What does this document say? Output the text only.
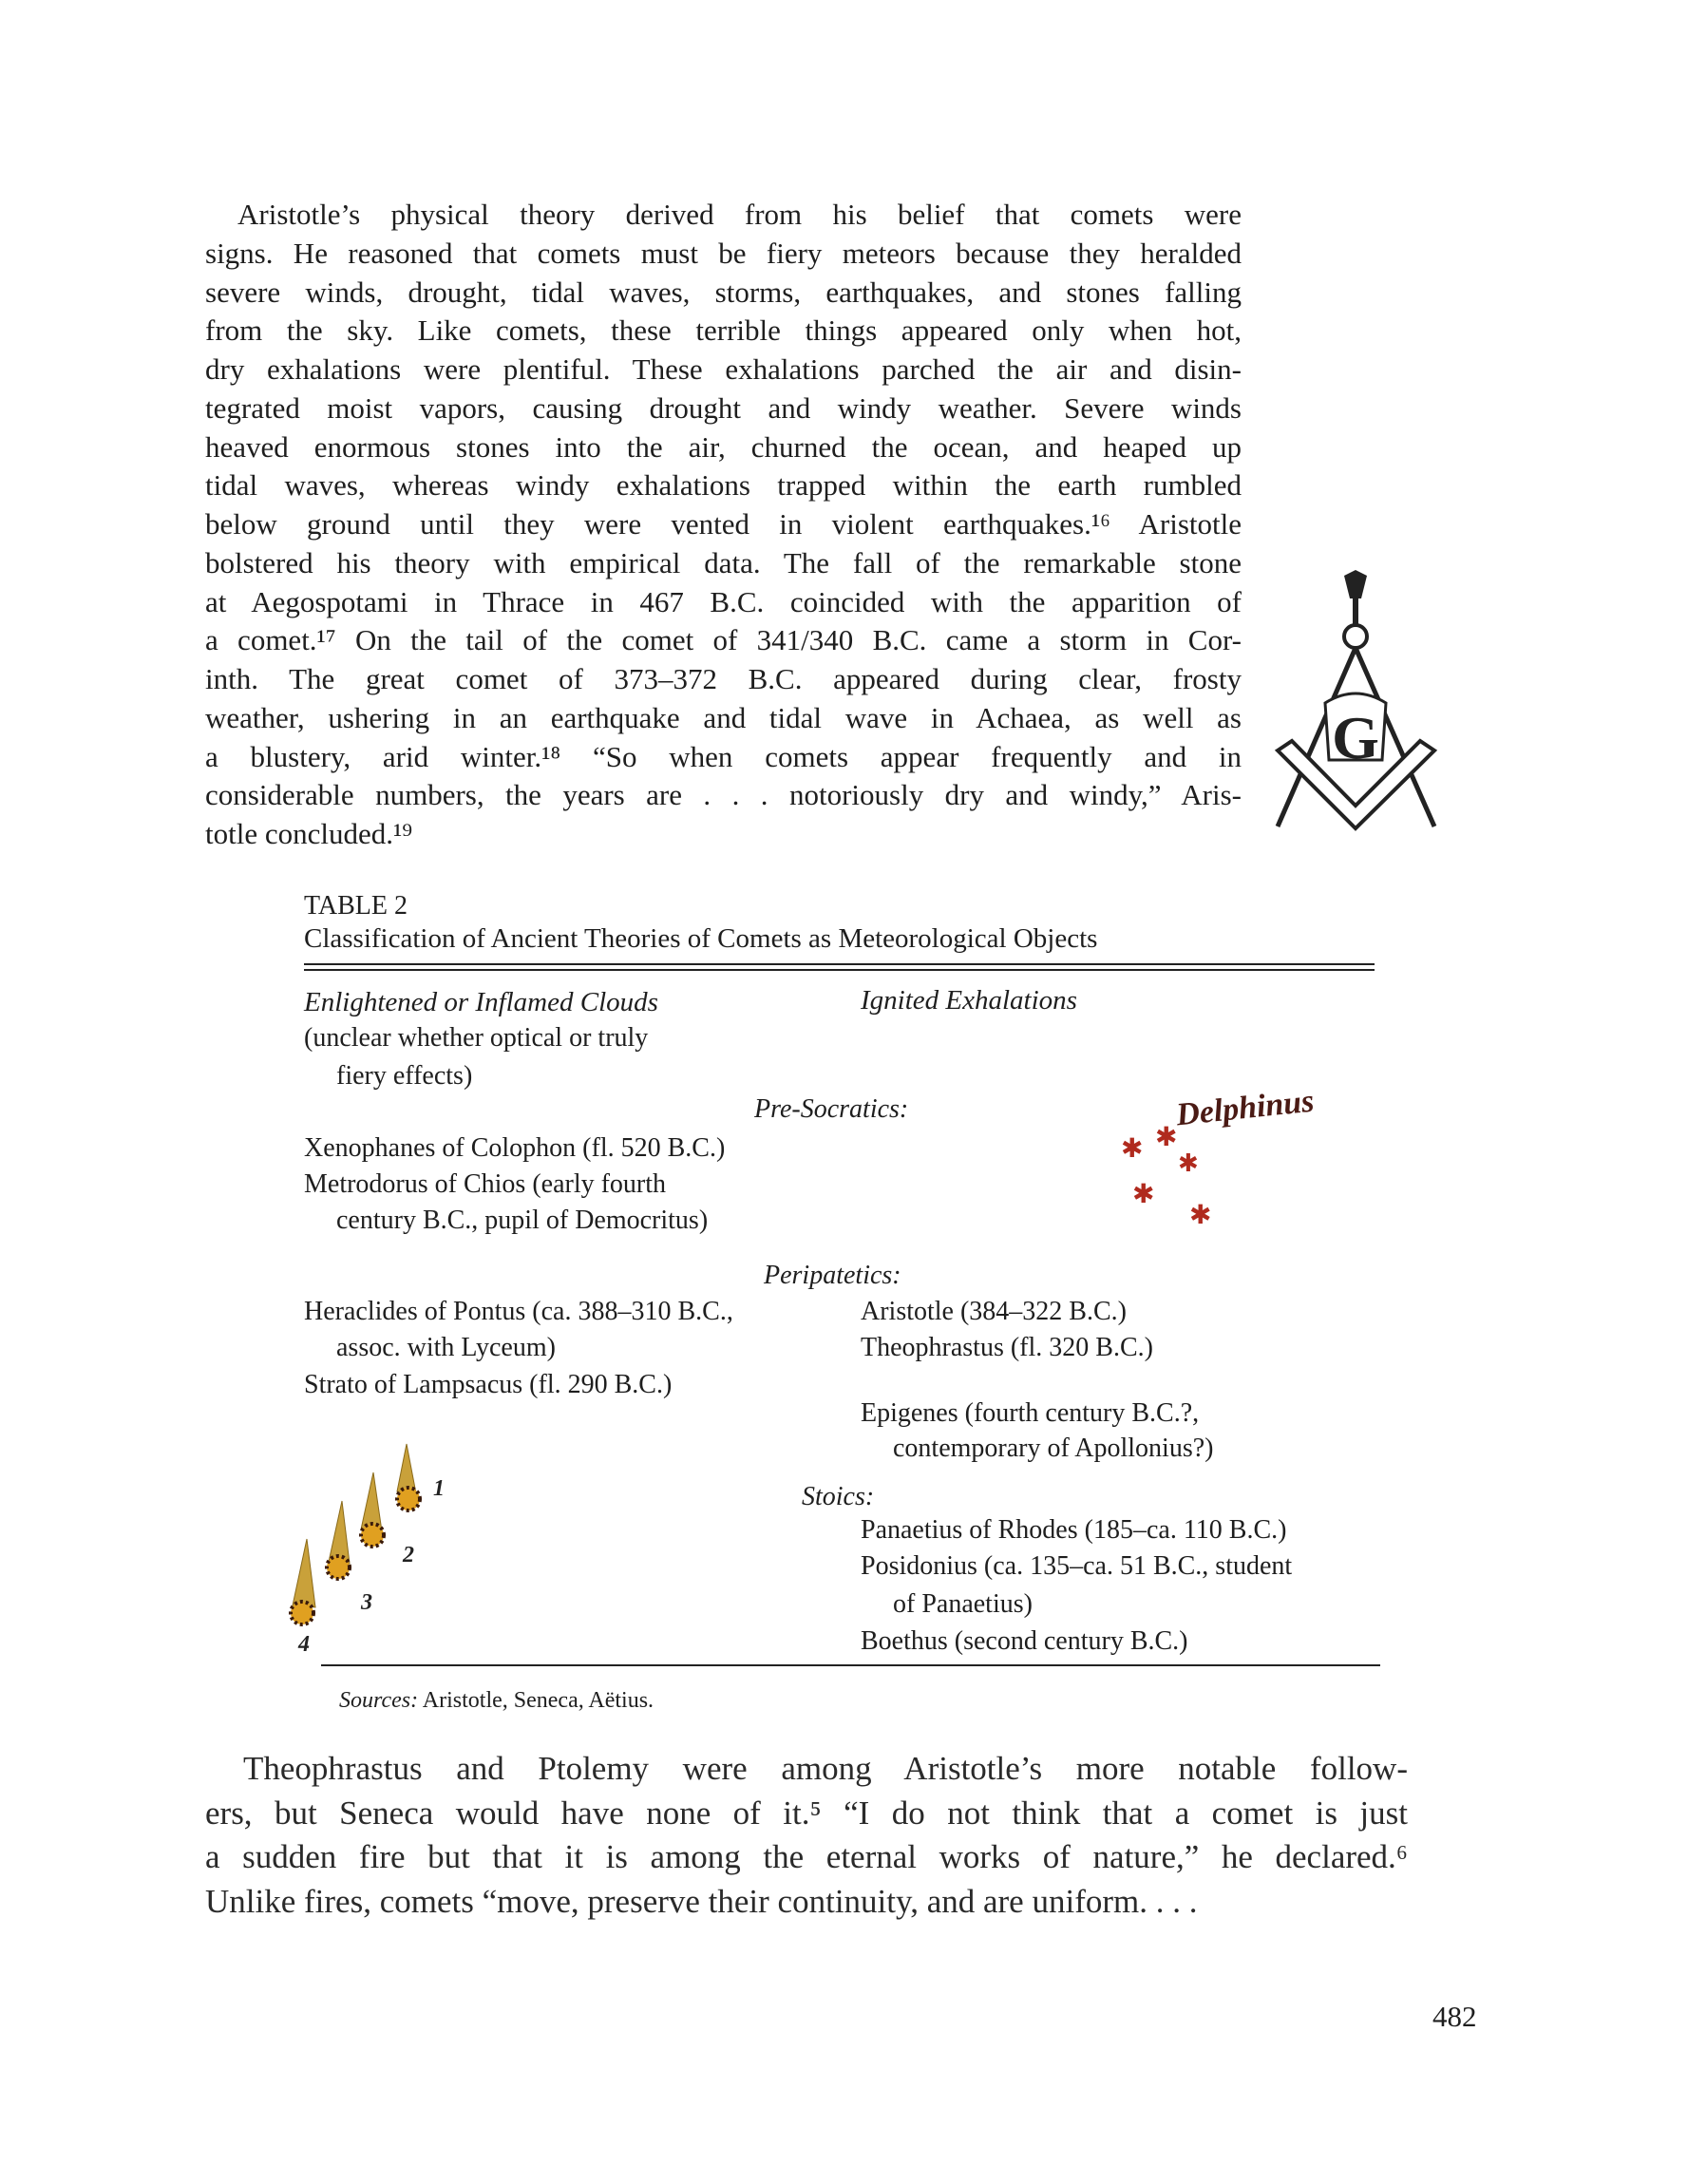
Aristotle’s physical theory derived from his belief that comets were
signs. He reasoned that comets must be fiery meteors because they heralded
severe winds, drought, tidal waves, storms, earthquakes, and stones falling
from the sky. Like comets, these terrible things appeared only when hot,
dry exhalations were plentiful. These exhalations parched the air and disin-
tegrated moist vapors, causing drought and windy weather. Severe winds
heaved enormous stones into the air, churned the ocean, and heaped up
tidal waves, whereas windy exhalations trapped within the earth rumbled
below ground until they were vented in violent earthquakes.¹⁶ Aristotle
bolstered his theory with empirical data. The fall of the remarkable stone
at Aegospotami in Thrace in 467 B.C. coincided with the apparition of
a comet.¹⁷ On the tail of the comet of 341/340 B.C. came a storm in Cor-
inth. The great comet of 373–372 B.C. appeared during clear, frosty
weather, ushering in an earthquake and tidal wave in Achaea, as well as
a blustery, arid winter.¹⁸ “So when comets appear frequently and in
considerable numbers, the years are . . . notoriously dry and windy,” Aris-
totle concluded.¹⁹
TABLE 2
Classification of Ancient Theories of Comets as Meteorological Objects
Enlightened or Inflamed Clouds	Ignited Exhalations
(unclear whether optical or truly
fiery effects)
Pre-Socratics:
Xenophanes of Colophon (fl. 520 B.C.)
Metrodorus of Chios (early fourth
century B.C., pupil of Democritus)
Peripatetics:
Heraclides of Pontus (ca. 388–310 B.C.,
assoc. with Lyceum)
Strato of Lampsacus (fl. 290 B.C.)
Aristotle (384–322 B.C.)
Theophrastus (fl. 320 B.C.)
Epigenes (fourth century B.C.?,
contemporary of Apollonius?)
Stoics:
Panaetius of Rhodes (185–ca. 110 B.C.)
Posidonius (ca. 135–ca. 51 B.C., student
of Panaetius)
Boethus (second century B.C.)
Sources: Aristotle, Seneca, Aëtius.
G
Delphinus
✱ ✱
✱
✱
✱
1
2
3
4
Theophrastus and Ptolemy were among Aristotle’s more notable follow-
ers, but Seneca would have none of it.⁵ “I do not think that a comet is just
a sudden fire but that it is among the eternal works of nature,” he declared.⁶
Unlike fires, comets “move, preserve their continuity, and are uniform. . . .
482
